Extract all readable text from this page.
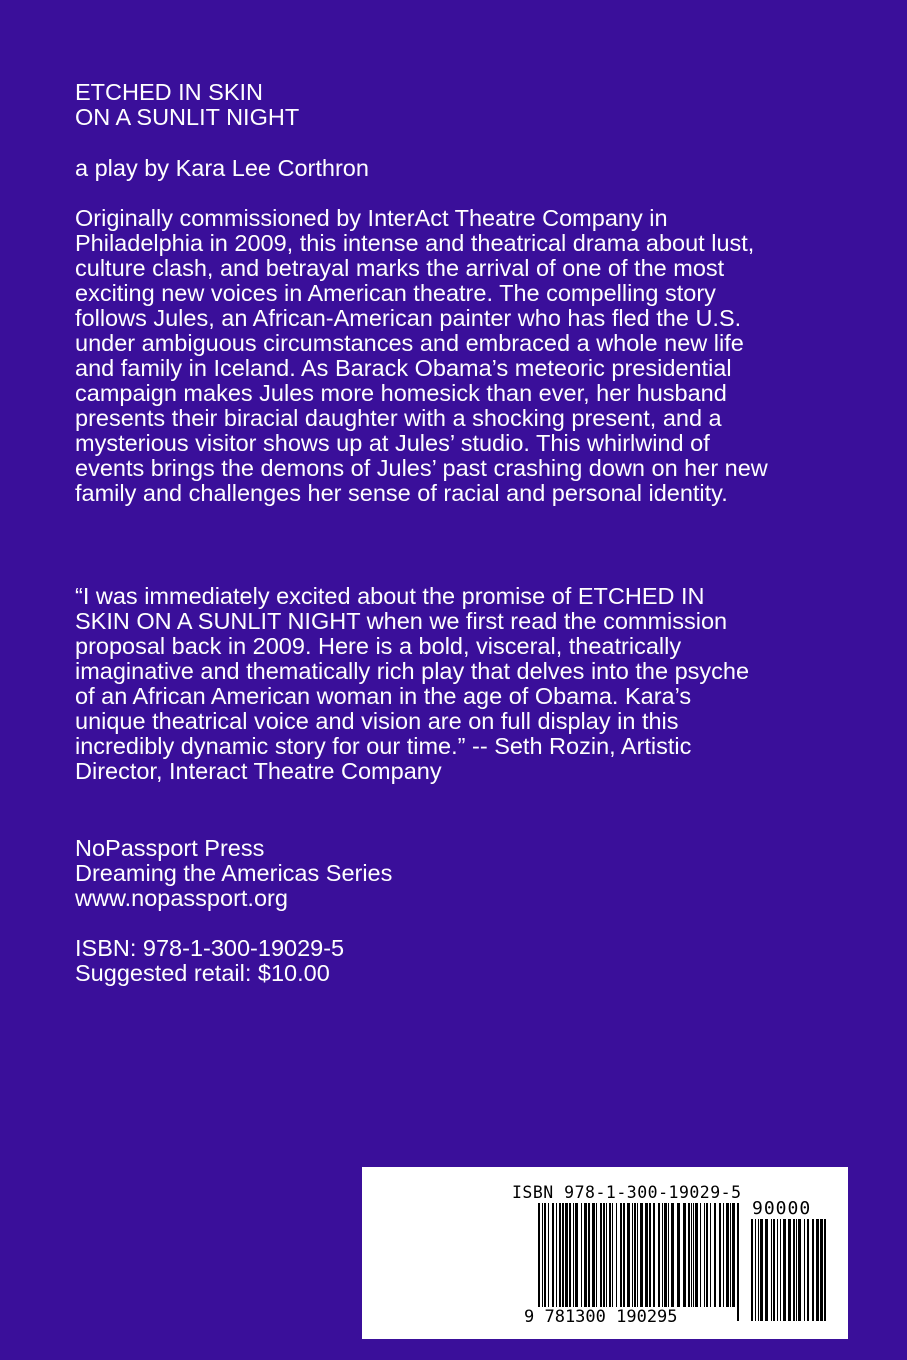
ETCHED IN SKIN
ON A SUNLIT NIGHT
a play by Kara Lee Corthron
Originally commissioned by InterAct Theatre Company in
Philadelphia in 2009, this intense and theatrical drama about lust,
culture clash, and betrayal marks the arrival of one of the most
exciting new voices in American theatre. The compelling story
follows Jules, an African-American painter who has fled the U.S.
under ambiguous circumstances and embraced a whole new life
and family in Iceland. As Barack Obama’s meteoric presidential
campaign makes Jules more homesick than ever, her husband
presents their biracial daughter with a shocking present, and a
mysterious visitor shows up at Jules’ studio. This whirlwind of
events brings the demons of Jules’ past crashing down on her new
family and challenges her sense of racial and personal identity.
“I was immediately excited about the promise of ETCHED IN
SKIN ON A SUNLIT NIGHT when we first read the commission
proposal back in 2009. Here is a bold, visceral, theatrically
imaginative and thematically rich play that delves into the psyche
of an African American woman in the age of Obama. Kara’s
unique theatrical voice and vision are on full display in this
incredibly dynamic story for our time.” -- Seth Rozin, Artistic
Director, Interact Theatre Company
NoPassport Press
Dreaming the Americas Series
www.nopassport.org
ISBN: 978-1-300-19029-5
Suggested retail: $10.00
ISBN 978-1-300-19029-5
90000
9 781300 190295
